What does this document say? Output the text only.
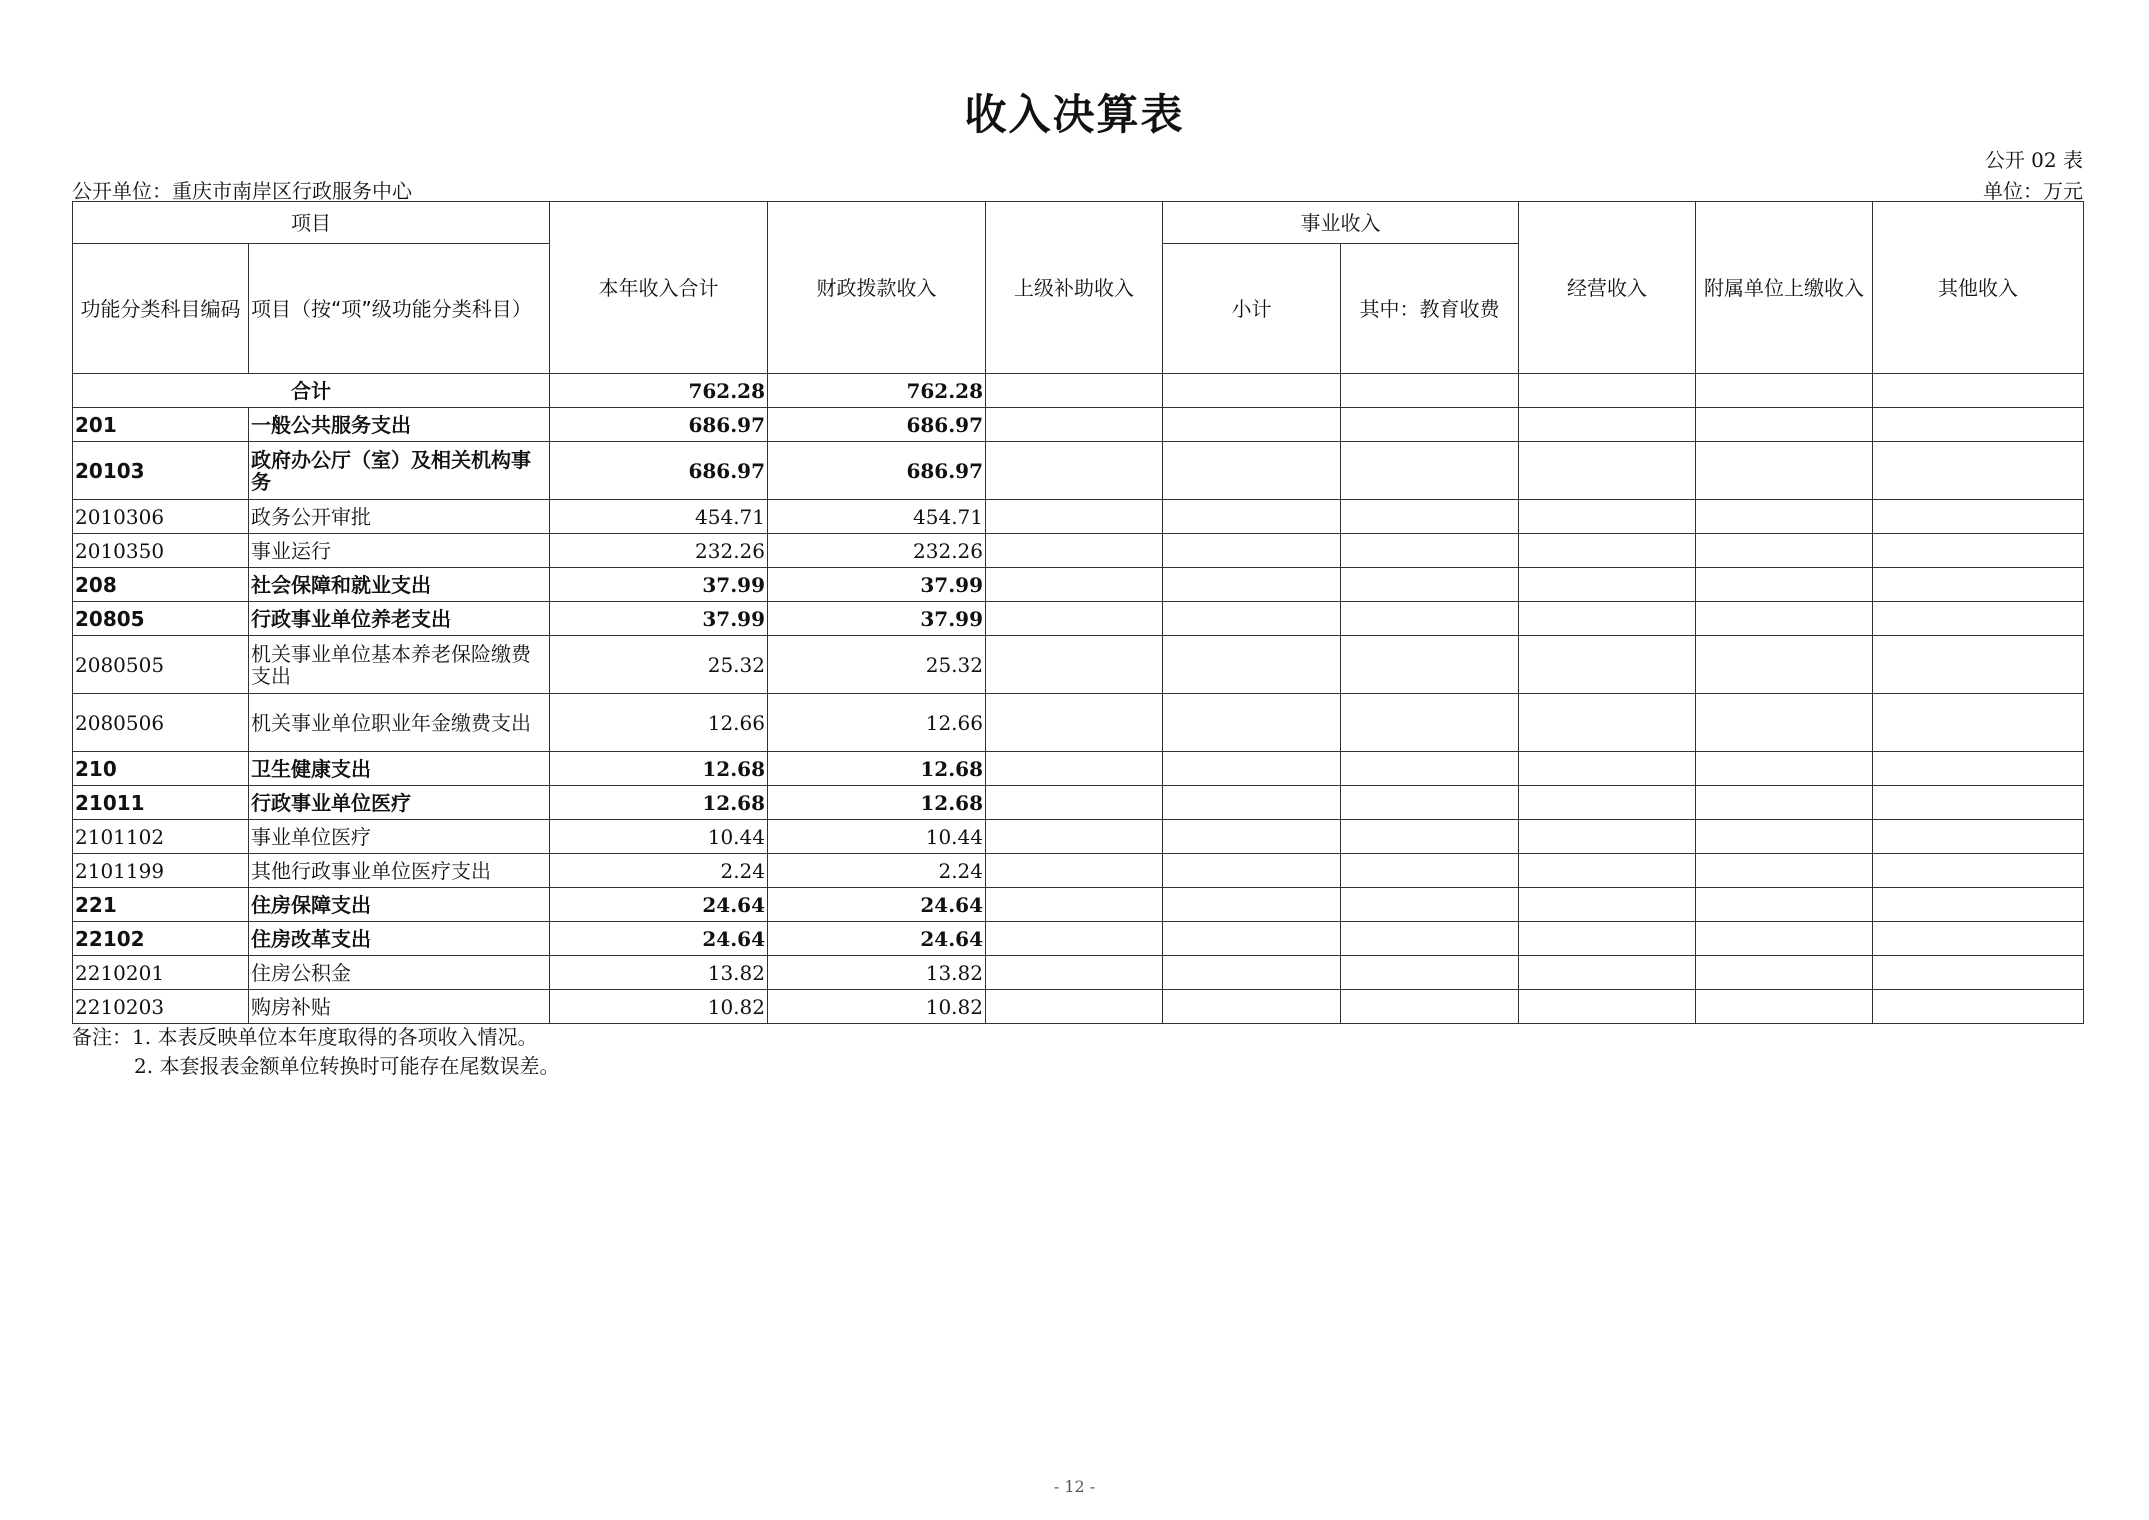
收入决算表
公开 02 表
公开单位：重庆市南岸区行政服务中心	单位：万元
项目		本年收入合计	财政拨款收入	上级补助收入	事业收入		经营收入	附属单位上缴收入	其他收入
功能分类科目编码	项目（按“项”级功能分类科目）				小计	其中：教育收费			
合计		762.28	762.28						
201	一般公共服务支出	686.97	686.97						
20103	政府办公厅（室）及相关机构事务	686.97	686.97						
2010306	政务公开审批	454.71	454.71						
2010350	事业运行	232.26	232.26						
208	社会保障和就业支出	37.99	37.99						
20805	行政事业单位养老支出	37.99	37.99						
2080505	机关事业单位基本养老保险缴费支出	25.32	25.32						
2080506	机关事业单位职业年金缴费支出	12.66	12.66						
210	卫生健康支出	12.68	12.68						
21011	行政事业单位医疗	12.68	12.68						
2101102	事业单位医疗	10.44	10.44						
2101199	其他行政事业单位医疗支出	2.24	2.24						
221	住房保障支出	24.64	24.64						
22102	住房改革支出	24.64	24.64						
2210201	住房公积金	13.82	13.82						
2210203	购房补贴	10.82	10.82						
备注：1. 本表反映单位本年度取得的各项收入情况。
2. 本套报表金额单位转换时可能存在尾数误差。
- 12 -
